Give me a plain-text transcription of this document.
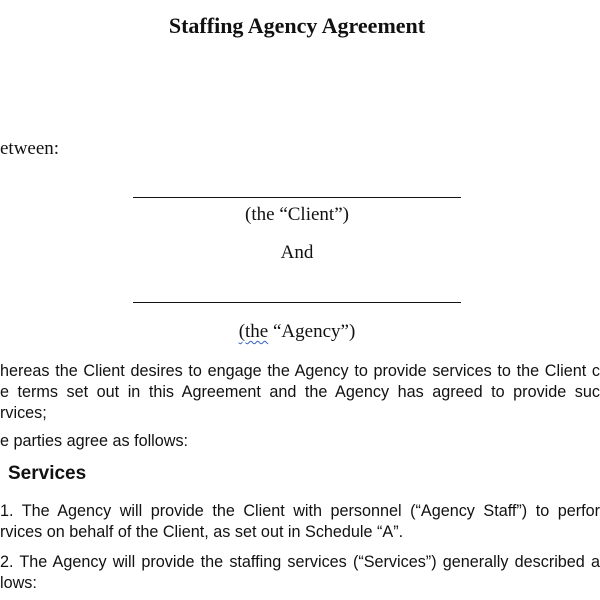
Staffing Agency Agreement
etween:
(the “Client”)
And
(the “Agency”)
hereas the Client desires to engage the Agency to provide services to the Client c
e terms set out in this Agreement and the Agency has agreed to provide suc
rvices;
e parties agree as follows:
Services
1. The Agency will provide the Client with personnel (“Agency Staff”) to perfor
rvices on behalf of the Client, as set out in Schedule “A”.
2. The Agency will provide the staffing services (“Services”) generally described a
lows:
